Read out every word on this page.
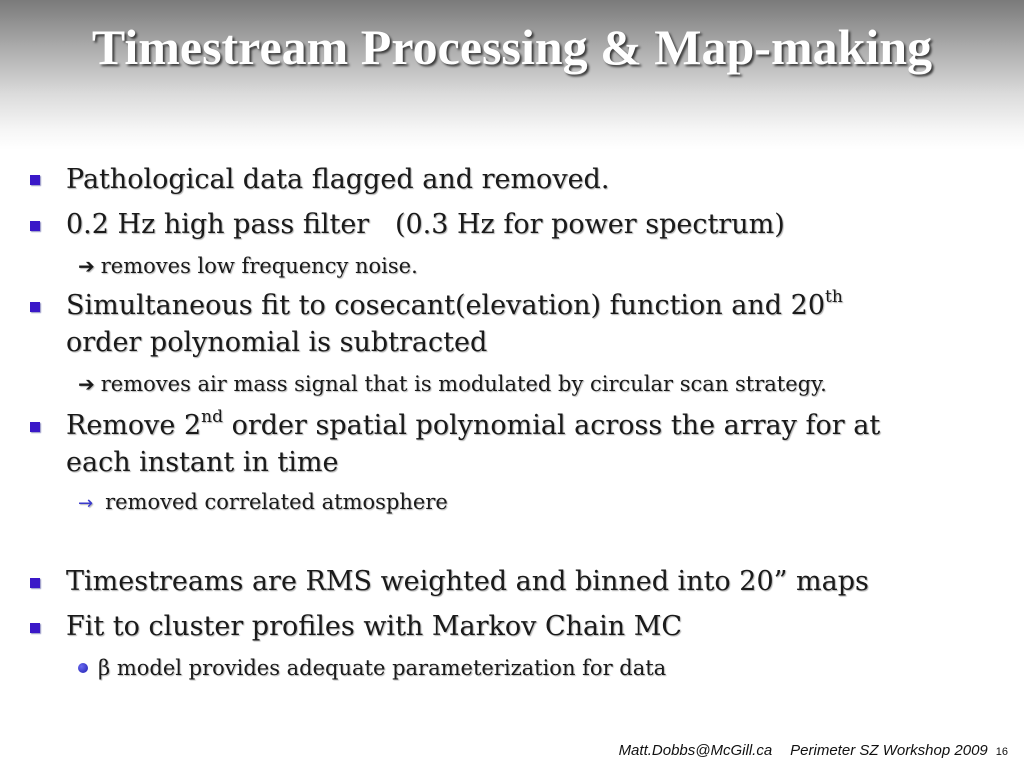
Timestream Processing & Map-making
Pathological data flagged and removed.
0.2 Hz high pass filter   (0.3 Hz for power spectrum)
➔ removes low frequency noise.
Simultaneous fit to cosecant(elevation) function and 20th
order polynomial is subtracted
➔ removes air mass signal that is modulated by circular scan strategy.
Remove 2nd order spatial polynomial across the array for at
each instant in time
→ removed correlated atmosphere
Timestreams are RMS weighted and binned into 20” maps
Fit to cluster profiles with Markov Chain MC
β model provides adequate parameterization for data
Matt.Dobbs@McGill.ca Perimeter SZ Workshop 2009 16
